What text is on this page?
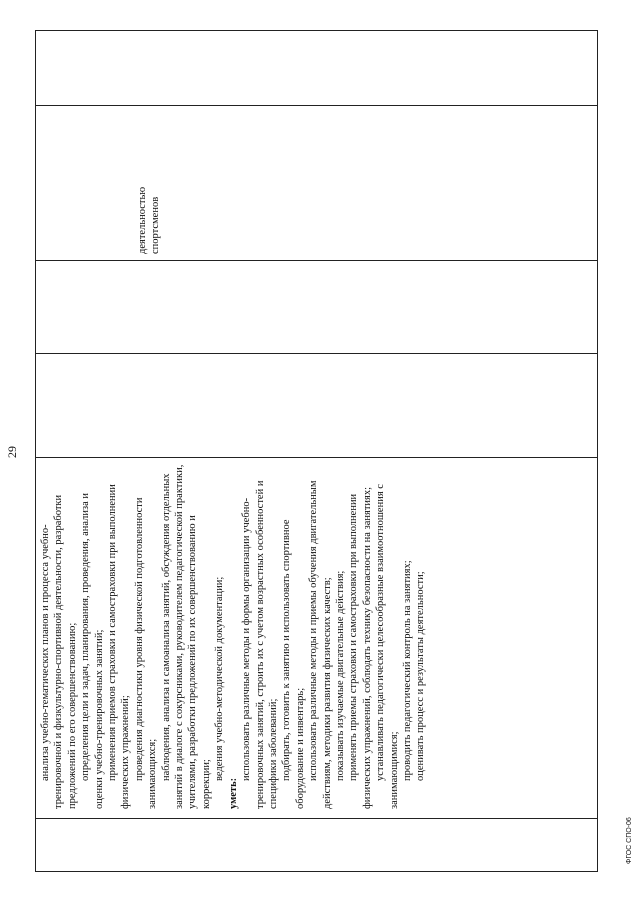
29

анализа учебно-тематических планов и процесса учебно-тренировочной и физкультурно-спортивной деятельности, разработки предложений по его совершенствованию; определения цели и задач, планирования, проведения, анализа и оценки учебно-тренировочных занятий; применения приемов страховки и самостраховки при выполнении физических упражнений; проведения диагностики уровня физической подготовленности занимающихся; наблюдения, анализа и самоанализа занятий, обсуждения отдельных занятий в диалоге с сокурсниками, руководителем педагогической практики, учителями, разработки предложений по их совершенствованию и коррекции;

ведения учебно-методической документации;

уметь:

использовать различные методы и формы организации учебно-тренировочных занятий, строить их с учетом возрастных особенностей и специфики заболеваний; подбирать, готовить к занятию и использовать спортивное оборудование и инвентарь; использовать различные методы и приемы обучения двигательным действиям, методики развития физических качеств; показывать изучаемые двигательные действия; применять приемы страховки и самостраховки при выполнении физических упражнений, соблюдать технику безопасности на занятиях; устанавливать педагогически целесообразные взаимоотношения с занимающимися; проводить педагогический контроль на занятиях; оценивать процесс и результаты деятельности;

деятельностью спортсменов

ФГОС СПО-06
